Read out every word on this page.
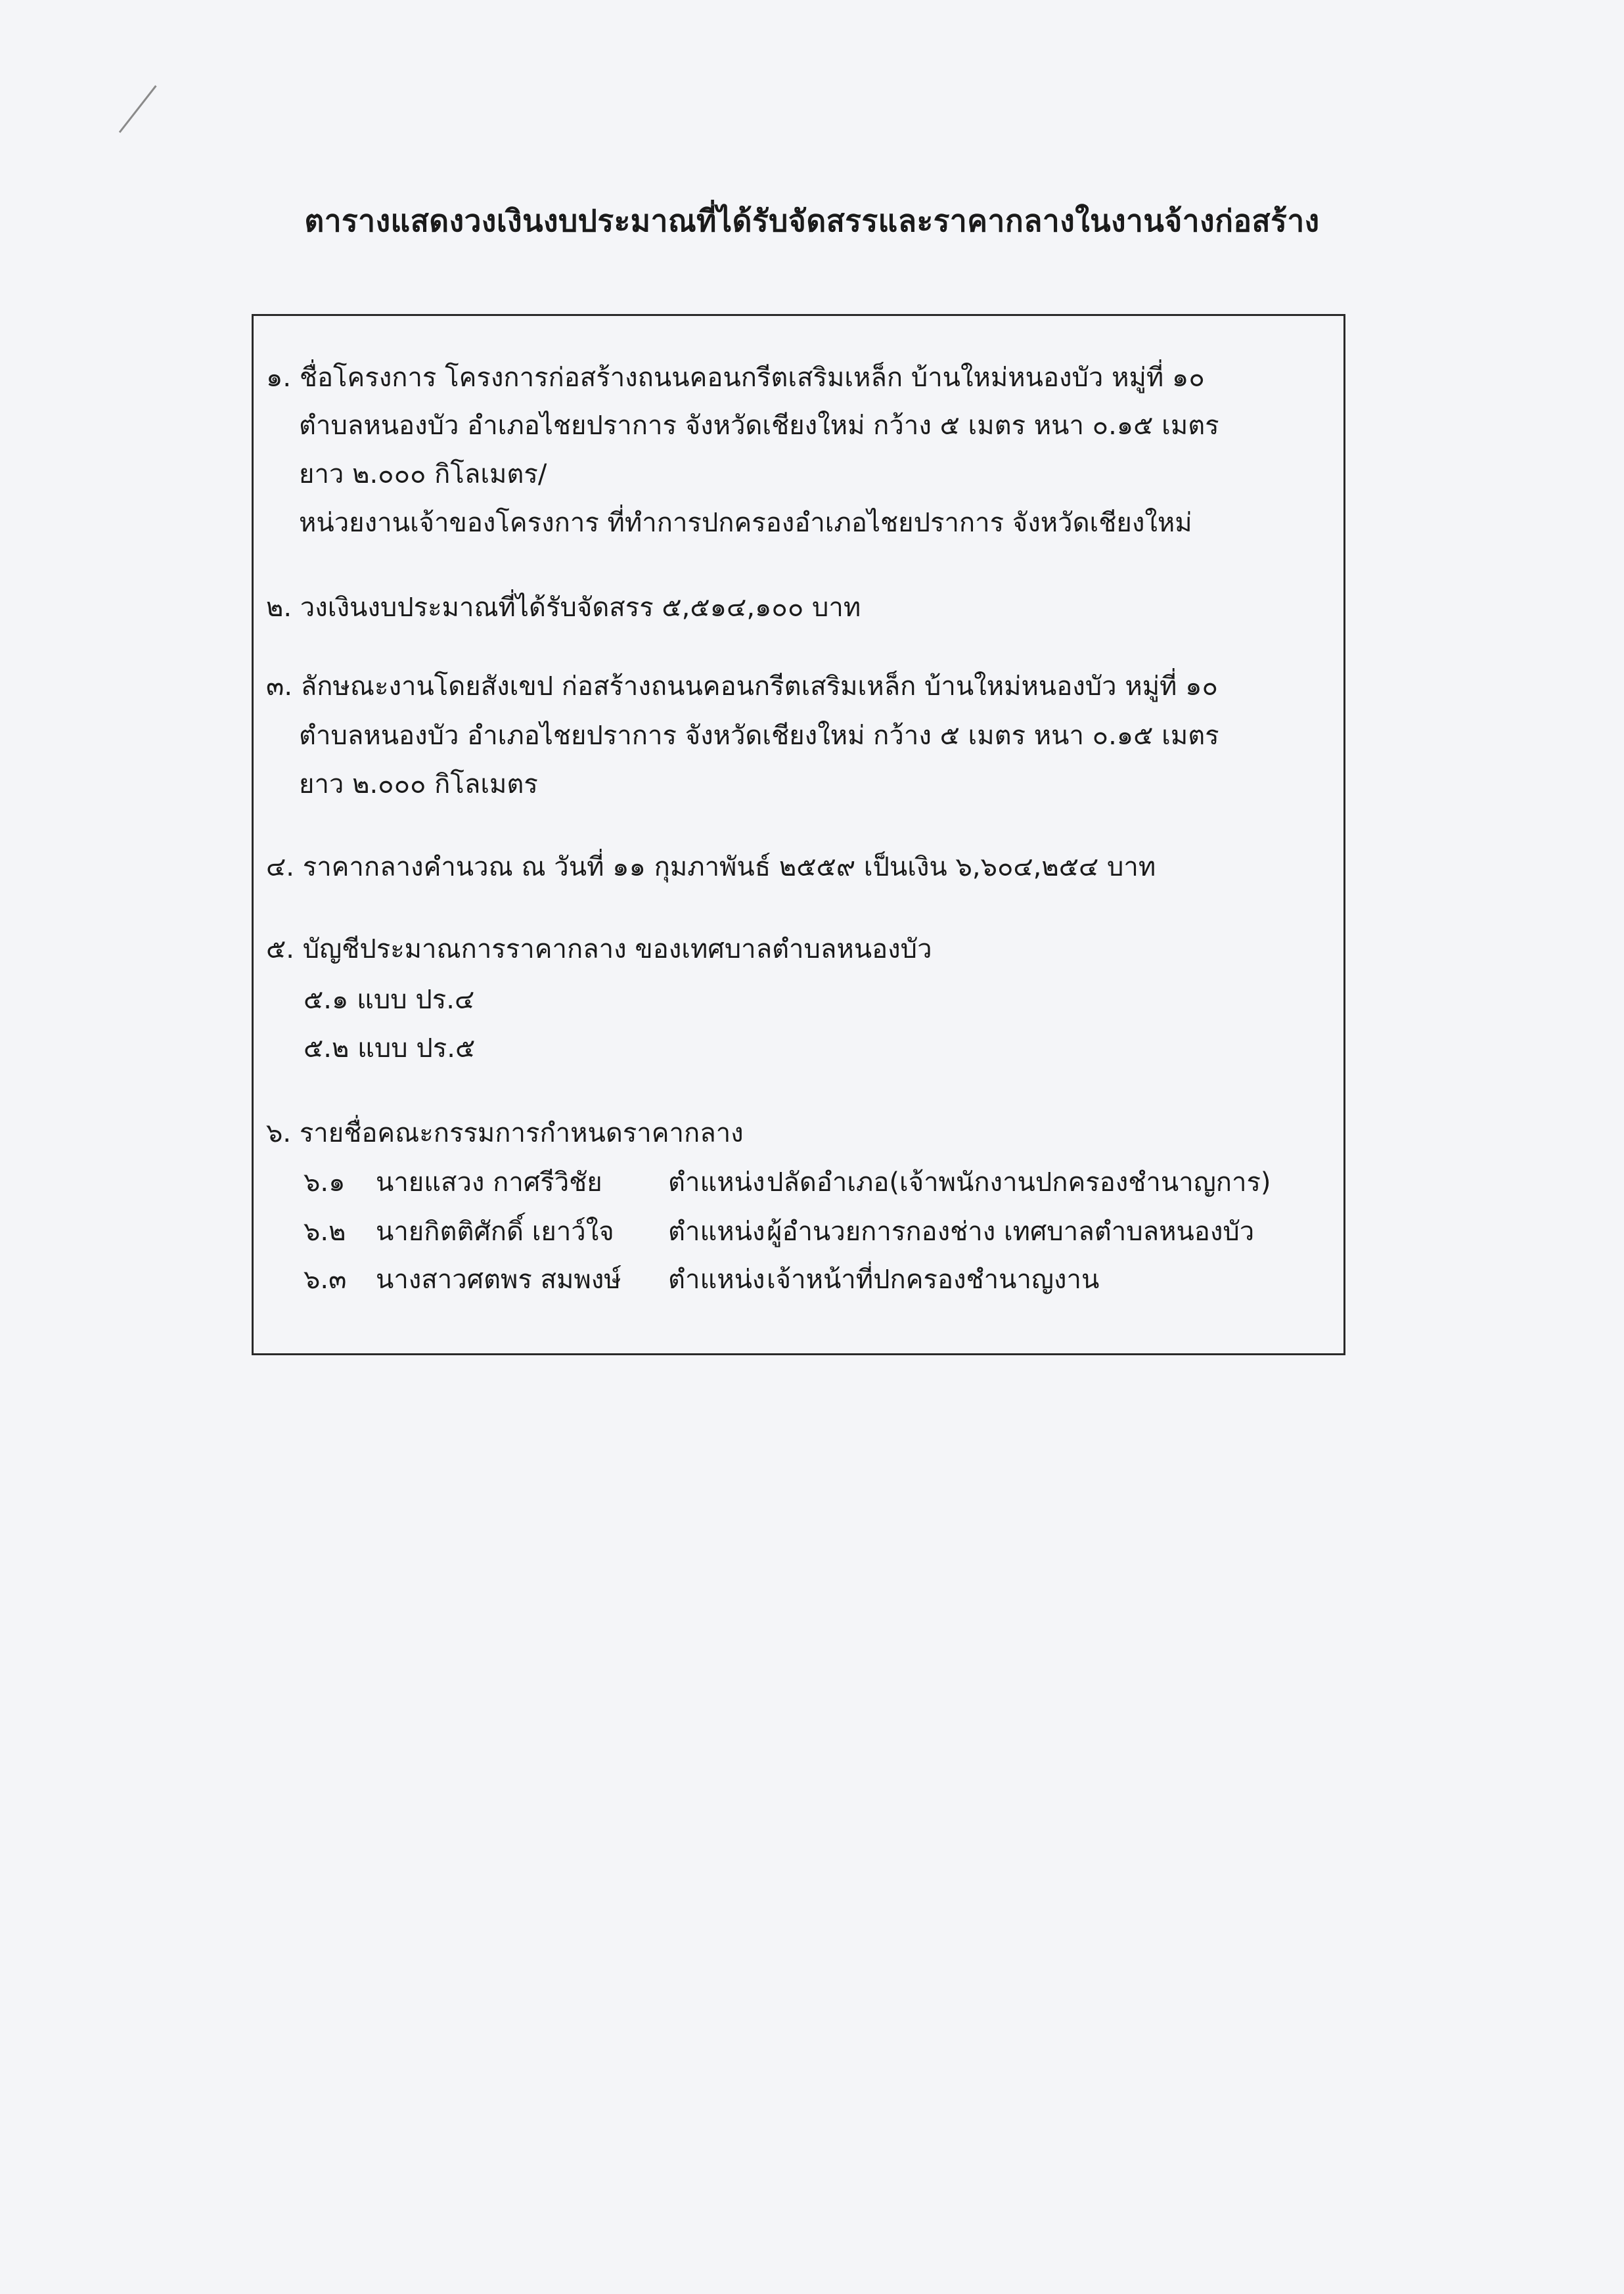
ตารางแสดงวงเงินงบประมาณที่ได้รับจัดสรรและราคากลางในงานจ้างก่อสร้าง
๑. ชื่อโครงการ โครงการก่อสร้างถนนคอนกรีตเสริมเหล็ก บ้านใหม่หนองบัว หมู่ที่ ๑๐
ตำบลหนองบัว อำเภอไชยปราการ จังหวัดเชียงใหม่ กว้าง ๕ เมตร หนา ๐.๑๕ เมตร
ยาว ๒.๐๐๐ กิโลเมตร/
หน่วยงานเจ้าของโครงการ ที่ทำการปกครองอำเภอไชยปราการ จังหวัดเชียงใหม่
๒. วงเงินงบประมาณที่ได้รับจัดสรร ๕,๕๑๔,๑๐๐ บาท
๓. ลักษณะงานโดยสังเขป ก่อสร้างถนนคอนกรีตเสริมเหล็ก บ้านใหม่หนองบัว หมู่ที่ ๑๐
ตำบลหนองบัว อำเภอไชยปราการ จังหวัดเชียงใหม่ กว้าง ๕ เมตร หนา ๐.๑๕ เมตร
ยาว ๒.๐๐๐ กิโลเมตร
๔. ราคากลางคำนวณ ณ วันที่ ๑๑ กุมภาพันธ์ ๒๕๕๙ เป็นเงิน ๖,๖๐๔,๒๕๔ บาท
๕. บัญชีประมาณการราคากลาง ของเทศบาลตำบลหนองบัว
๕.๑ แบบ ปร.๔
๕.๒ แบบ ปร.๕
๖. รายชื่อคณะกรรมการกำหนดราคากลาง
๖.๑ นายแสวง กาศรีวิชัย	ตำแหน่งปลัดอำเภอ(เจ้าพนักงานปกครองชำนาญการ)
๖.๒ นายกิตติศักดิ์ เยาว์ใจ ตำแหน่งผู้อำนวยการกองช่าง เทศบาลตำบลหนองบัว
๖.๓ นางสาวศตพร สมพงษ์ ตำแหน่งเจ้าหน้าที่ปกครองชำนาญงาน
